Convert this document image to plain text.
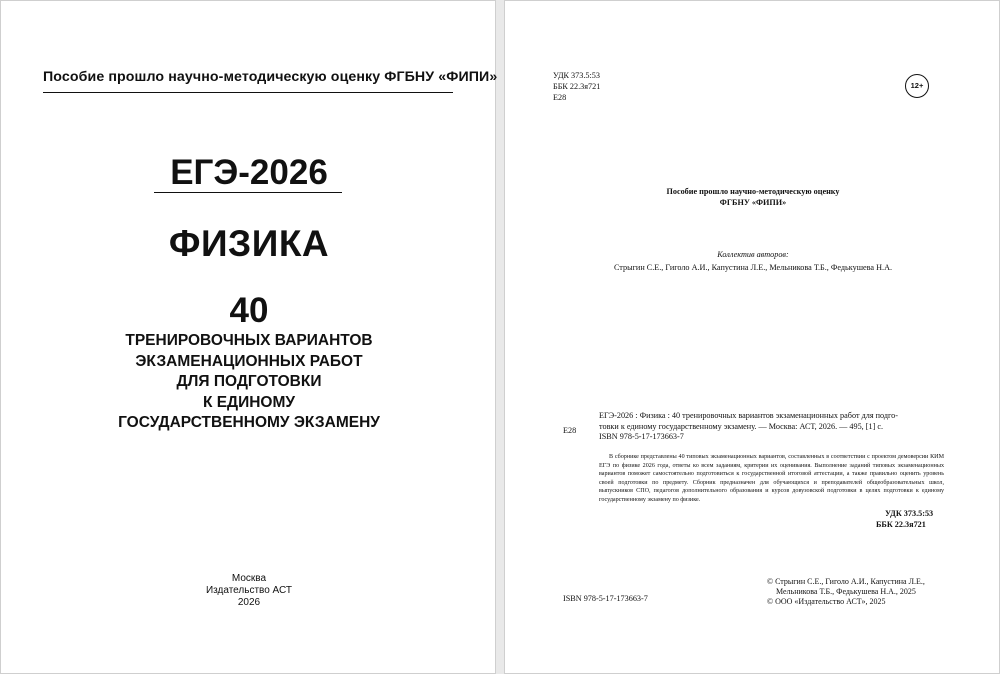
Пособие прошло научно-методическую оценку ФГБНУ «ФИПИ»
ЕГЭ-2026
ФИЗИКА
40
ТРЕНИРОВОЧНЫХ ВАРИАНТОВ
ЭКЗАМЕНАЦИОННЫХ РАБОТ
ДЛЯ ПОДГОТОВКИ
К ЕДИНОМУ
ГОСУДАРСТВЕННОМУ ЭКЗАМЕНУ
Москва
Издательство АСТ
2026
УДК 373.5:53
ББК 22.3я721
Е28
12+
Пособие прошло научно-методическую оценку
ФГБНУ «ФИПИ»
Коллектив авторов:
Стрыгин С.Е., Гиголо А.И., Капустина Л.Е., Мельникова Т.Б., Федькушева Н.А.
Е28
ЕГЭ-2026 : Физика : 40 тренировочных вариантов экзаменационных работ для подго-
товки к единому государственному экзамену. — Москва: АСТ, 2026. — 495, [1] с.
ISBN 978-5-17-173663-7
В сборнике представлены 40 типовых экзаменационных вариантов, составленных в соответствии с проектом демоверсии КИМ ЕГЭ по физике 2026 года, ответы ко всем заданиям, критерии их оценивания. Выполнение заданий типовых экзаменационных вариантов поможет самостоятельно подготовиться к государственной итоговой аттестации, а также правильно оценить уровень своей подготовки по предмету. Сборник предназначен для обучающихся и преподавателей общеобразовательных школ, выпускников СПО, педагогов дополнительного образования и курсов довузовской подготовки в целях подготовки к единому государственному экзамену по физике.
УДК 373.5:53
ББК 22.3я721
ISBN 978-5-17-173663-7
© Стрыгин С.Е., Гиголо А.И., Капустина Л.Е.,
Мельникова Т.Б., Федькушева Н.А., 2025
© ООО «Издательство АСТ», 2025
